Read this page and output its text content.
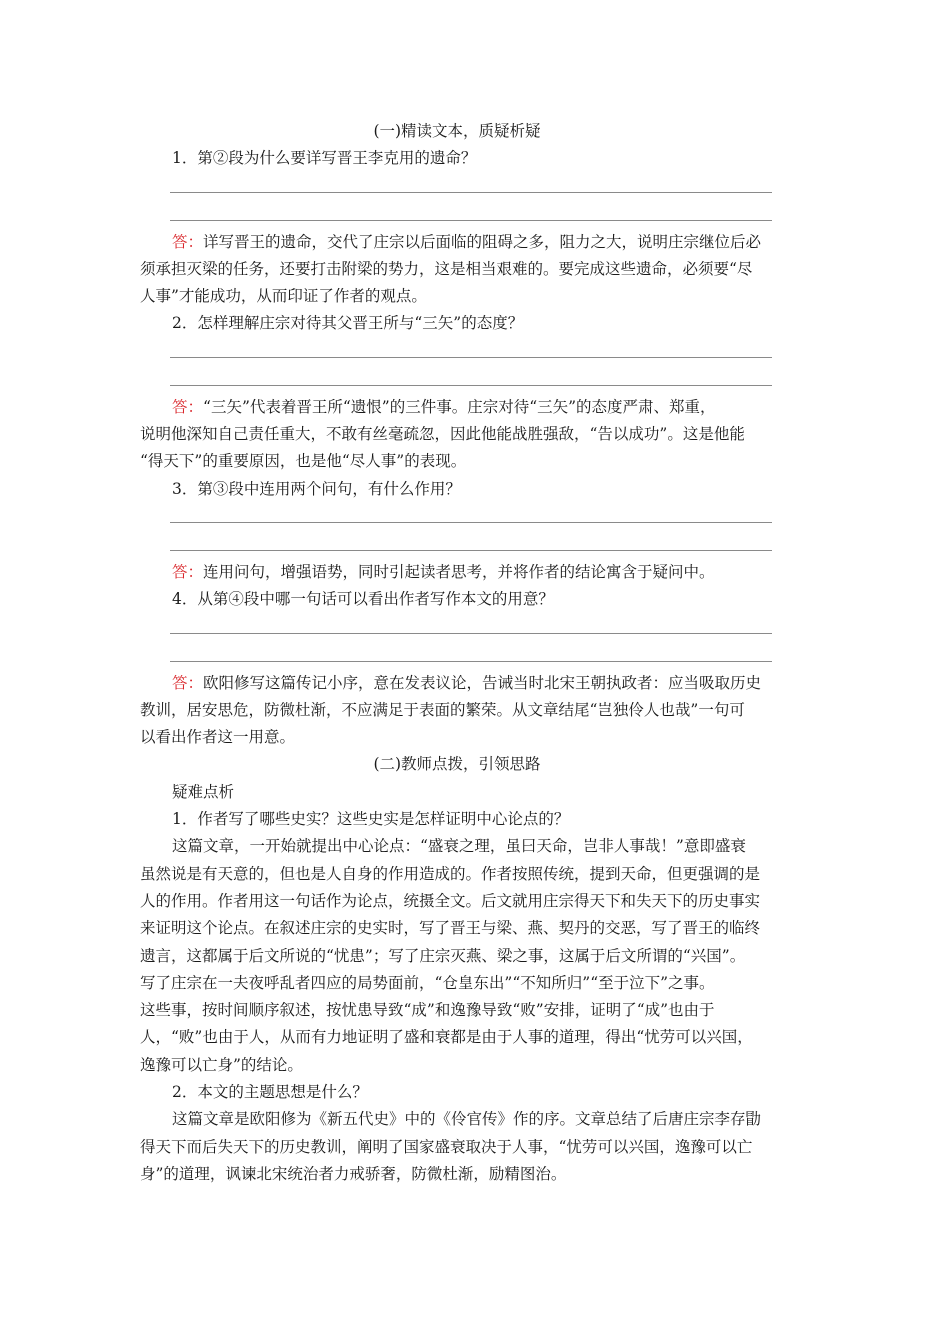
(一)精读文本，质疑析疑
1．第②段为什么要详写晋王李克用的遗命？
答：详写晋王的遗命，交代了庄宗以后面临的阻碍之多，阻力之大，说明庄宗继位后必
须承担灭梁的任务，还要打击附梁的势力，这是相当艰难的。要完成这些遗命，必须要“尽
人事”才能成功，从而印证了作者的观点。
2．怎样理解庄宗对待其父晋王所与“三矢”的态度？
答：“三矢”代表着晋王所“遗恨”的三件事。庄宗对待“三矢”的态度严肃、郑重，
说明他深知自己责任重大，不敢有丝毫疏忽，因此他能战胜强敌，“告以成功”。这是他能
“得天下”的重要原因，也是他“尽人事”的表现。
3．第③段中连用两个问句，有什么作用？
答：连用问句，增强语势，同时引起读者思考，并将作者的结论寓含于疑问中。
4．从第④段中哪一句话可以看出作者写作本文的用意？
答：欧阳修写这篇传记小序，意在发表议论，告诫当时北宋王朝执政者：应当吸取历史
教训，居安思危，防微杜渐，不应满足于表面的繁荣。从文章结尾“岂独伶人也哉”一句可
以看出作者这一用意。
(二)教师点拨，引领思路
疑难点析
1．作者写了哪些史实？这些史实是怎样证明中心论点的？
这篇文章，一开始就提出中心论点：“盛衰之理，虽曰天命，岂非人事哉！”意即盛衰
虽然说是有天意的，但也是人自身的作用造成的。作者按照传统，提到天命，但更强调的是
人的作用。作者用这一句话作为论点，统摄全文。后文就用庄宗得天下和失天下的历史事实
来证明这个论点。在叙述庄宗的史实时，写了晋王与梁、燕、契丹的交恶，写了晋王的临终
遗言，这都属于后文所说的“忧患”；写了庄宗灭燕、梁之事，这属于后文所谓的“兴国”。
写了庄宗在一夫夜呼乱者四应的局势面前，“仓皇东出”“不知所归”“至于泣下”之事。
这些事，按时间顺序叙述，按忧患导致“成”和逸豫导致“败”安排，证明了“成”也由于
人，“败”也由于人，从而有力地证明了盛和衰都是由于人事的道理，得出“忧劳可以兴国，
逸豫可以亡身”的结论。
2．本文的主题思想是什么？
这篇文章是欧阳修为《新五代史》中的《伶官传》作的序。文章总结了后唐庄宗李存勖
得天下而后失天下的历史教训，阐明了国家盛衰取决于人事，“忧劳可以兴国，逸豫可以亡
身”的道理，讽谏北宋统治者力戒骄奢，防微杜渐，励精图治。
